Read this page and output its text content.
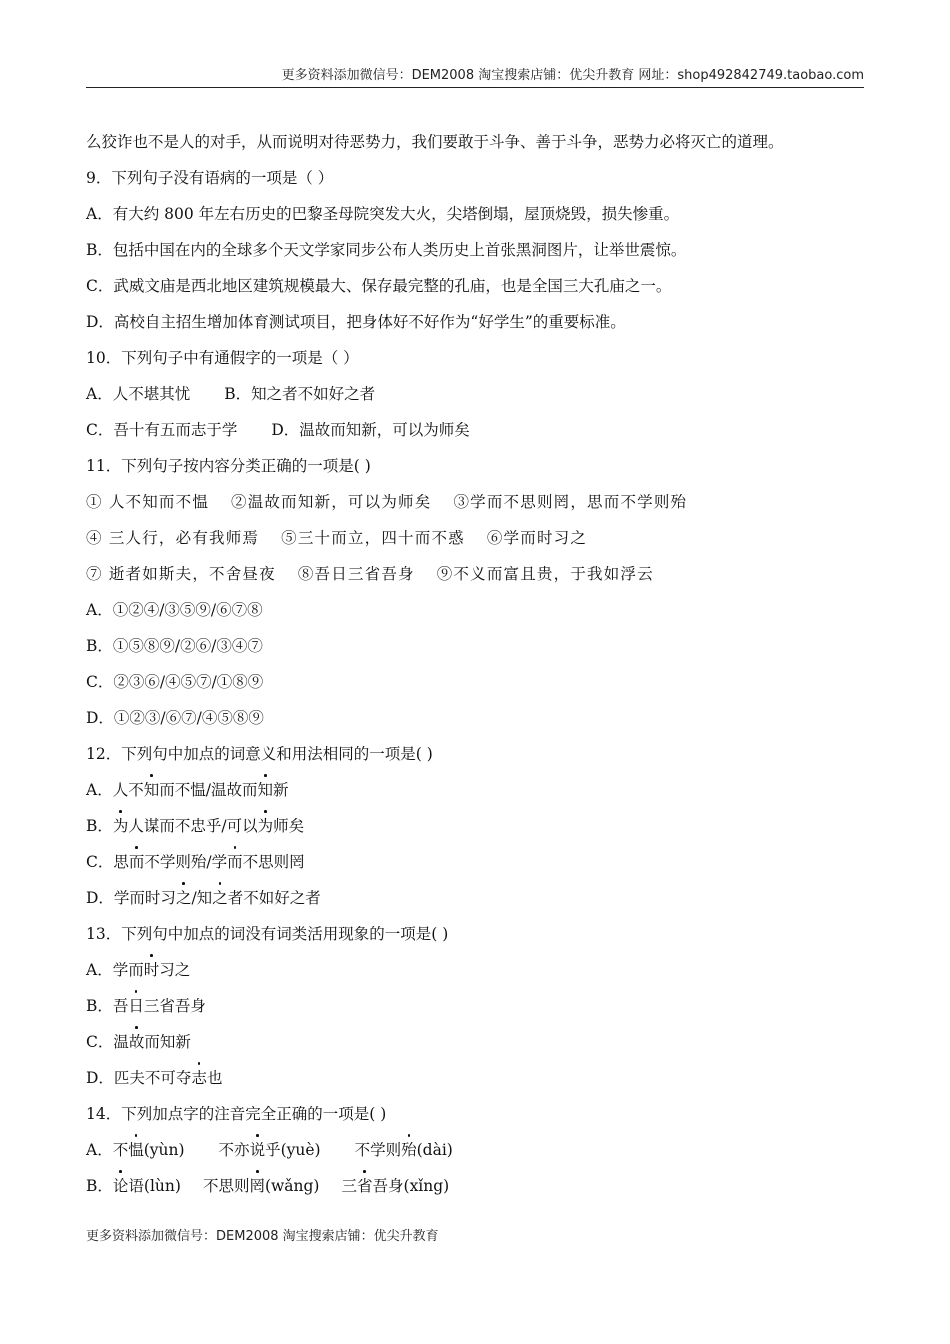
更多资料添加微信号：DEM2008 淘宝搜索店铺：优尖升教育 网址：shop492842749.taobao.com

么狡诈也不是人的对手，从而说明对待恶势力，我们要敢于斗争、善于斗争，恶势力必将灭亡的道理。

9．下列句子没有语病的一项是（ ）

A．有大约 800 年左右历史的巴黎圣母院突发大火，尖塔倒塌，屋顶烧毁，损失惨重。

B．包括中国在内的全球多个天文学家同步公布人类历史上首张黑洞图片，让举世震惊。

C．武威文庙是西北地区建筑规模最大、保存最完整的孔庙，也是全国三大孔庙之一。

D．高校自主招生增加体育测试项目，把身体好不好作为“好学生”的重要标准。

10．下列句子中有通假字的一项是（ ）

A．人不堪其忧 B．知之者不如好之者

C．吾十有五而志于学 D．温故而知新，可以为师矣

11．下列句子按内容分类正确的一项是( )

① 人不知而不愠 ②温故而知新，可以为师矣 ③学而不思则罔，思而不学则殆

④ 三人行，必有我师焉 ⑤三十而立，四十而不惑 ⑥学而时习之

⑦ 逝者如斯夫，不舍昼夜 ⑧吾日三省吾身 ⑨不义而富且贵，于我如浮云

A．①②④/③⑤⑨/⑥⑦⑧

B．①⑤⑧⑨/②⑥/③④⑦

C．②③⑥/④⑤⑦/①⑧⑨

D．①②③/⑥⑦/④⑤⑧⑨

12．下列句中加点的词意义和用法相同的一项是( )

A．人不知而不愠/温故而知新

B．为人谋而不忠乎/可以为师矣

C．思而不学则殆/学而不思则罔

D．学而时习之/知之者不如好之者

13．下列句中加点的词没有词类活用现象的一项是( )

A．学而时习之

B．吾日三省吾身

C．温故而知新

D．匹夫不可夺志也

14．下列加点字的注音完全正确的一项是( )

A．不愠(yùn) 不亦说乎(yuè) 不学则殆(dài)

B．论语(lùn) 不思则罔(wǎng) 三省吾身(xǐng)

更多资料添加微信号：DEM2008 淘宝搜索店铺：优尖升教育
